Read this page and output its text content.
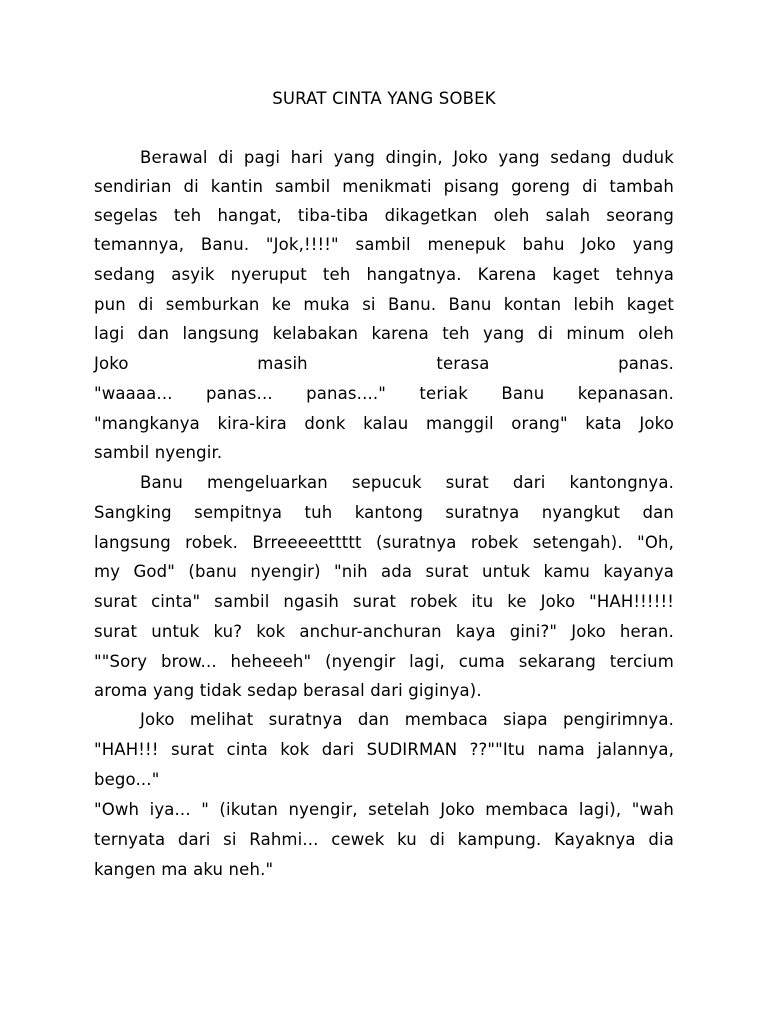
SURAT CINTA YANG SOBEK
Berawal di pagi hari yang dingin, Joko yang sedang duduk
sendirian di kantin sambil menikmati pisang goreng di tambah
segelas teh hangat, tiba-tiba dikagetkan oleh salah seorang
temannya, Banu. "Jok,!!!!" sambil menepuk bahu Joko yang
sedang asyik nyeruput teh hangatnya. Karena kaget tehnya
pun di semburkan ke muka si Banu. Banu kontan lebih kaget
lagi dan langsung kelabakan karena teh yang di minum oleh
Joko masih terasa panas.
"waaaa... panas... panas...." teriak Banu kepanasan.
"mangkanya kira-kira donk kalau manggil orang" kata Joko
sambil nyengir.
Banu mengeluarkan sepucuk surat dari kantongnya.
Sangking sempitnya tuh kantong suratnya nyangkut dan
langsung robek. Brreeeeettttt (suratnya robek setengah). "Oh,
my God" (banu nyengir) "nih ada surat untuk kamu kayanya
surat cinta" sambil ngasih surat robek itu ke Joko "HAH!!!!!!
surat untuk ku? kok anchur-anchuran kaya gini?" Joko heran.
""Sory brow... heheeeh" (nyengir lagi, cuma sekarang tercium
aroma yang tidak sedap berasal dari giginya).
Joko melihat suratnya dan membaca siapa pengirimnya.
"HAH!!! surat cinta kok dari SUDIRMAN ??""Itu nama jalannya,
bego..."
"Owh iya... " (ikutan nyengir, setelah Joko membaca lagi), "wah
ternyata dari si Rahmi... cewek ku di kampung. Kayaknya dia
kangen ma aku neh."
